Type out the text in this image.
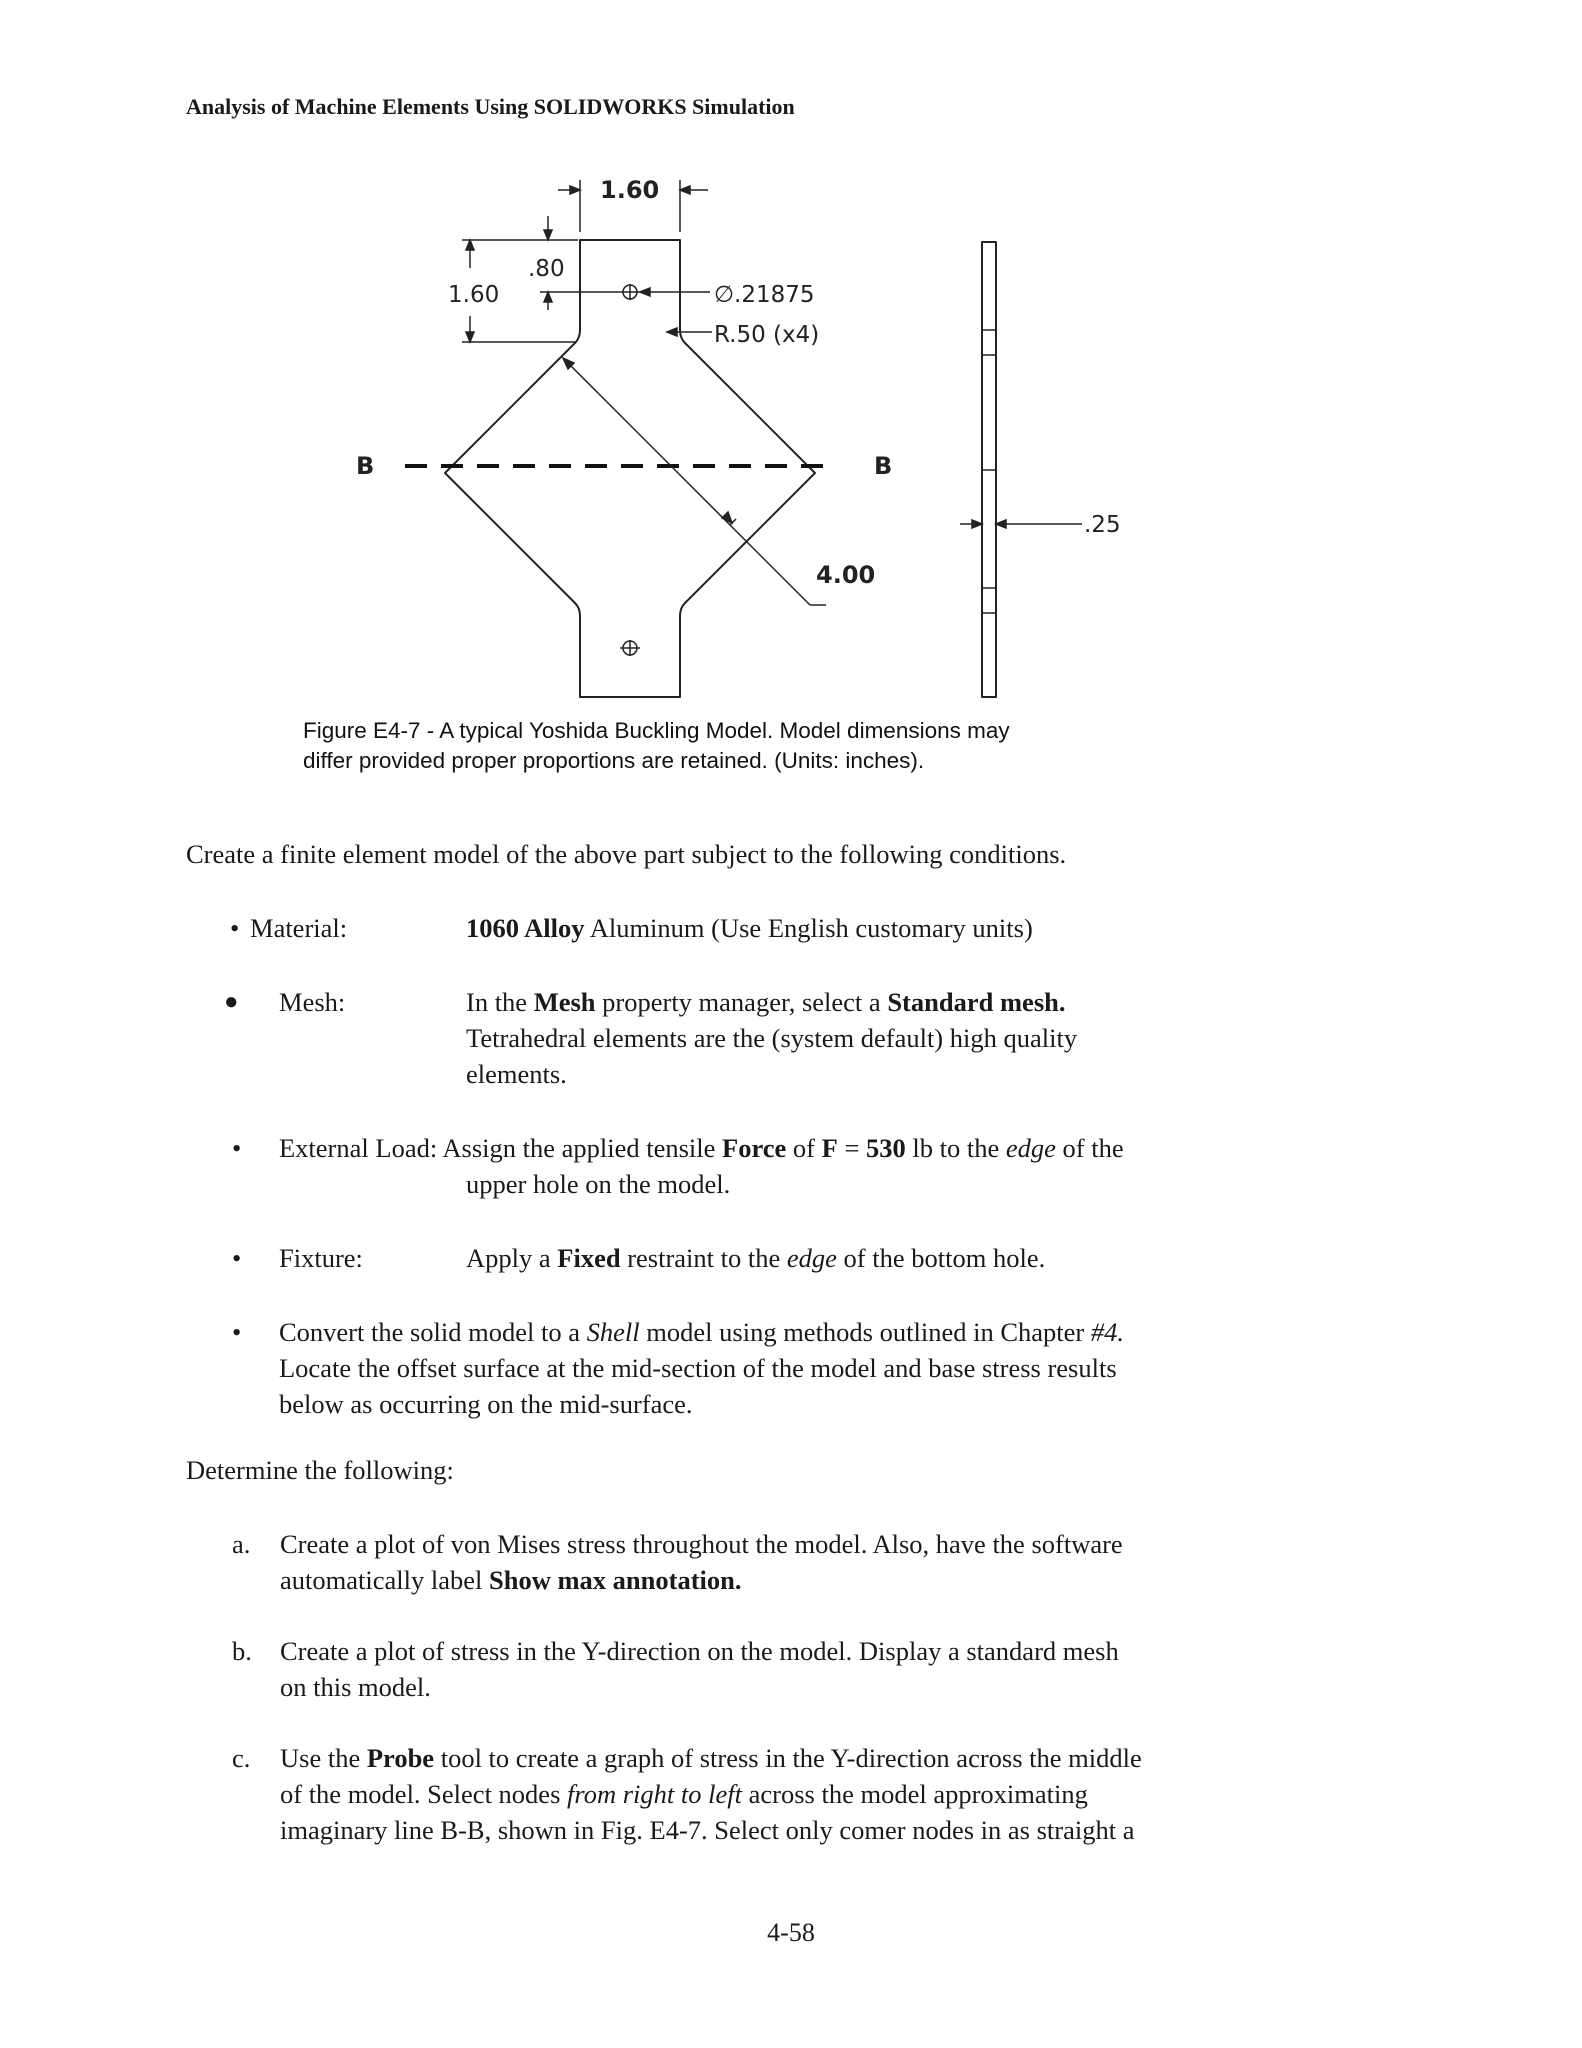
Analysis of Machine Elements Using SOLIDWORKS Simulation
1.60
.80
1.60	∅.21875
R.50 (x4)
B	B
4.00
.25
Figure E4-7 - A typical Yoshida Buckling Model. Model dimensions may
differ provided proper proportions are retained. (Units: inches).
Create a finite element model of the above part subject to the following conditions.
• Material:	1060 Alloy Aluminum (Use English customary units)
● Mesh:	In the Mesh property manager, select a Standard mesh.
Tetrahedral elements are the (system default) high quality
elements.
• External Load: Assign the applied tensile Force of F = 530 lb to the edge of the
upper hole on the model.
• Fixture:	Apply a Fixed restraint to the edge of the bottom hole.
• Convert the solid model to a Shell model using methods outlined in Chapter #4.
Locate the offset surface at the mid-section of the model and base stress results
below as occurring on the mid-surface.
Determine the following:
a. Create a plot of von Mises stress throughout the model. Also, have the software
automatically label Show max annotation.
b. Create a plot of stress in the Y-direction on the model. Display a standard mesh
on this model.
c. Use the Probe tool to create a graph of stress in the Y-direction across the middle
of the model. Select nodes from right to left across the model approximating
imaginary line B-B, shown in Fig. E4-7. Select only comer nodes in as straight a
4-58
